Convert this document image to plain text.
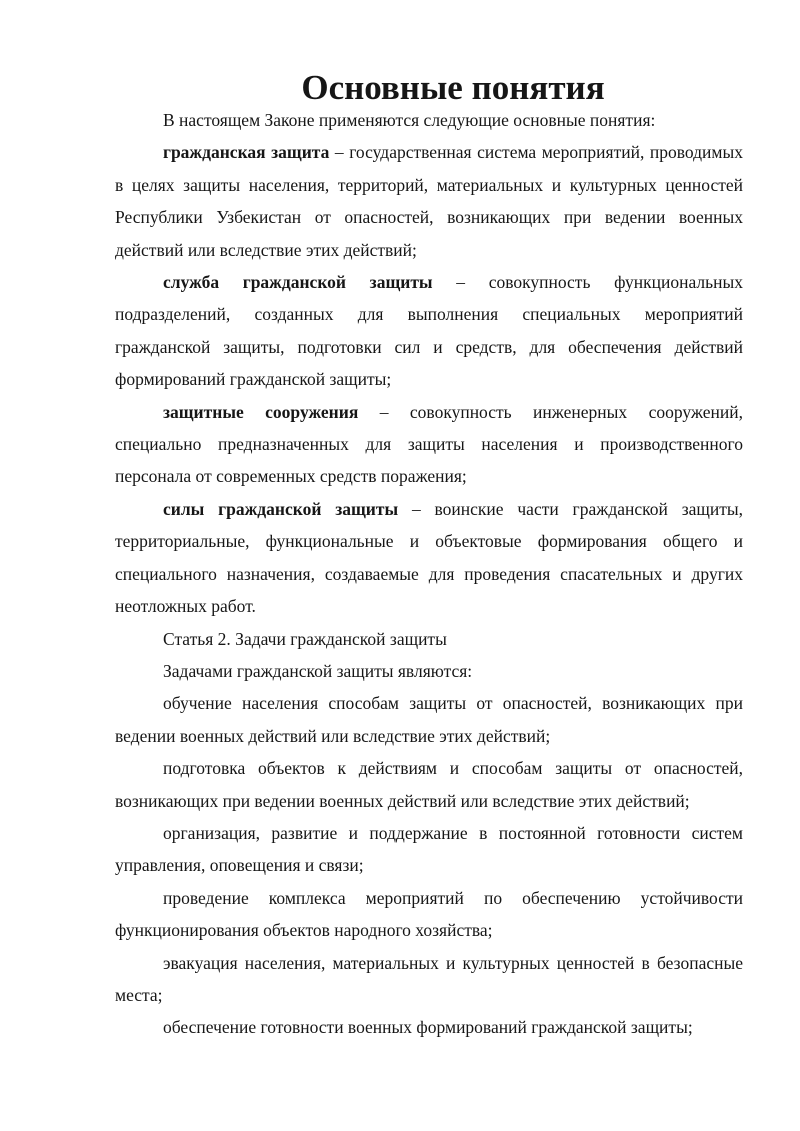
Основные понятия

В настоящем Законе применяются следующие основные понятия:

гражданская защита – государственная система мероприятий, проводимых в целях защиты населения, территорий, материальных и культурных ценностей Республики Узбекистан от опасностей, возникающих при ведении военных действий или вследствие этих действий;

служба гражданской защиты – совокупность функциональных подразделений, созданных для выполнения специальных мероприятий гражданской защиты, подготовки сил и средств, для обеспечения действий формирований гражданской защиты;

защитные сооружения – совокупность инженерных сооружений, специально предназначенных для защиты населения и производственного персонала от современных средств поражения;

силы гражданской защиты – воинские части гражданской защиты, территориальные, функциональные и объектовые формирования общего и специального назначения, создаваемые для проведения спасательных и других неотложных работ.

Статья 2. Задачи гражданской защиты

Задачами гражданской защиты являются:

обучение населения способам защиты от опасностей, возникающих при ведении военных действий или вследствие этих действий;

подготовка объектов к действиям и способам защиты от опасностей, возникающих при ведении военных действий или вследствие этих действий;

организация, развитие и поддержание в постоянной готовности систем управления, оповещения и связи;

проведение комплекса мероприятий по обеспечению устойчивости функционирования объектов народного хозяйства;

эвакуация населения, материальных и культурных ценностей в безопасные места;

обеспечение готовности военных формирований гражданской защиты;
